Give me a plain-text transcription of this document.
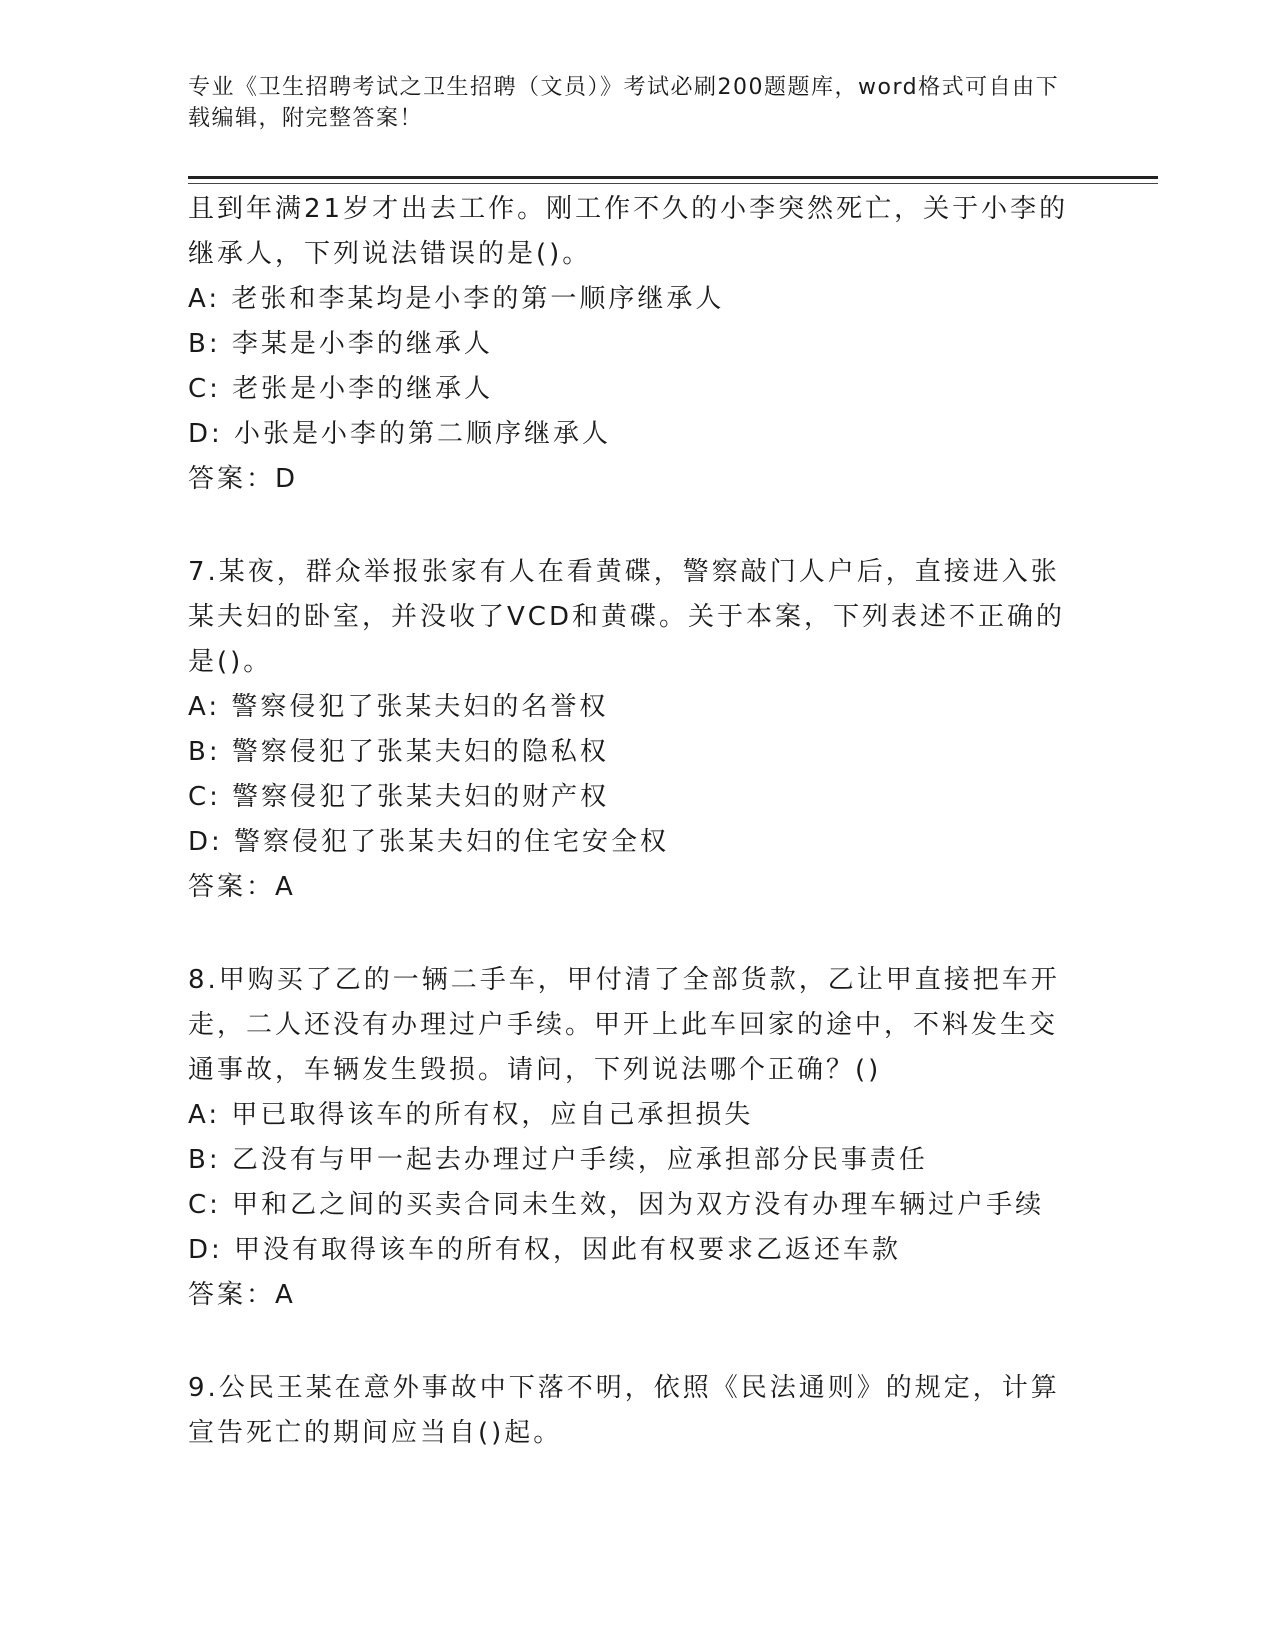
专业《卫生招聘考试之卫生招聘（文员）》考试必刷200题题库，word格式可自由下载编辑，附完整答案！
且到年满21岁才出去工作。刚工作不久的小李突然死亡，关于小李的继承人，下列说法错误的是()。
A: 老张和李某均是小李的第一顺序继承人
B: 李某是小李的继承人
C: 老张是小李的继承人
D: 小张是小李的第二顺序继承人
答案：D
7.某夜，群众举报张家有人在看黄碟，警察敲门人户后，直接进入张某夫妇的卧室，并没收了VCD和黄碟。关于本案，下列表述不正确的是()。
A: 警察侵犯了张某夫妇的名誉权
B: 警察侵犯了张某夫妇的隐私权
C: 警察侵犯了张某夫妇的财产权
D: 警察侵犯了张某夫妇的住宅安全权
答案：A
8.甲购买了乙的一辆二手车，甲付清了全部货款，乙让甲直接把车开走，二人还没有办理过户手续。甲开上此车回家的途中，不料发生交通事故，车辆发生毁损。请问，下列说法哪个正确？()
A: 甲已取得该车的所有权，应自己承担损失
B: 乙没有与甲一起去办理过户手续，应承担部分民事责任
C: 甲和乙之间的买卖合同未生效，因为双方没有办理车辆过户手续
D: 甲没有取得该车的所有权，因此有权要求乙返还车款
答案：A
9.公民王某在意外事故中下落不明，依照《民法通则》的规定，计算宣告死亡的期间应当自()起。
